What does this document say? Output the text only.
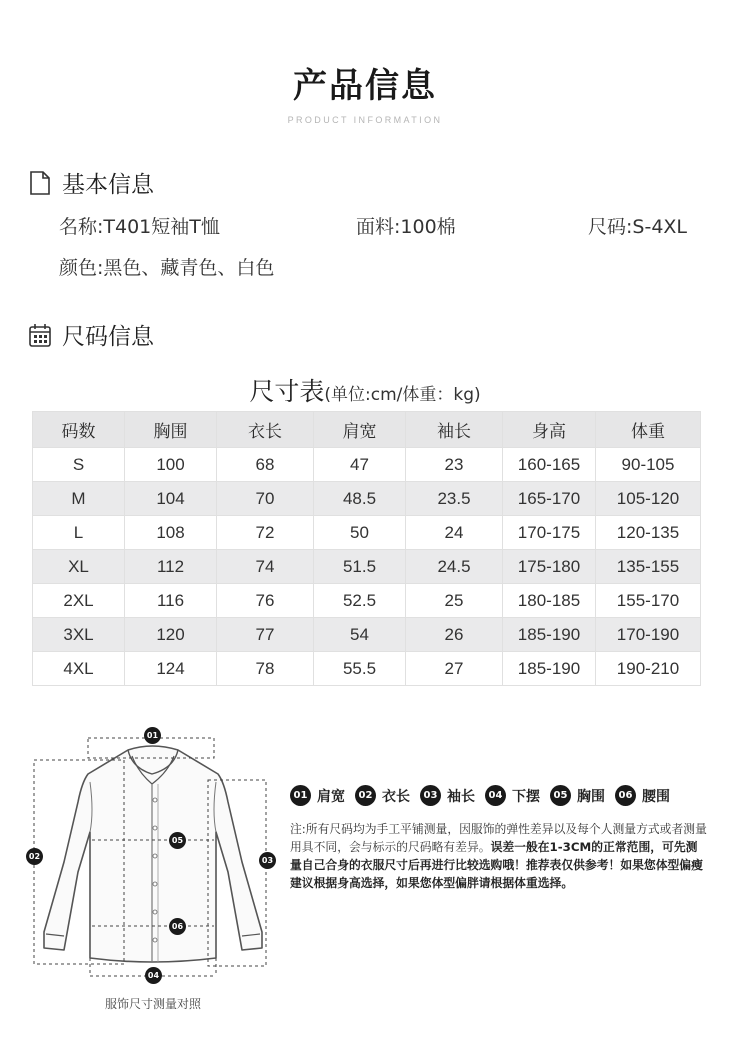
产品信息
PRODUCT INFORMATION
基本信息
名称:T401短袖T恤	面料:100棉	尺码:S-4XL
颜色:黑色、藏青色、白色
尺码信息
尺寸表(单位:cm/体重：kg)
码数	胸围	衣长	肩宽	袖长	身高	体重
S	100	68	47	23	160-165	90-105
M	104	70	48.5	23.5	165-170	105-120
L	108	72	50	24	170-175	120-135
XL	112	74	51.5	24.5	175-180	135-155
2XL	116	76	52.5	25	180-185	155-170
3XL	120	77	54	26	185-190	170-190
4XL	124	78	55.5	27	185-190	190-210
01
02	03
04
05
06
服饰尺寸测量对照
01 肩宽	02 衣长	03 袖长	04 下摆	05 胸围	06 腰围
注:所有尺码均为手工平铺测量，因服饰的弹性差异以及每个人测量方式或者测量用具不同，会与标示的尺码略有差异。误差一般在1-3CM的正常范围，可先测量自己合身的衣服尺寸后再进行比较选购哦！推荐表仅供参考！如果您体型偏瘦建议根据身高选择，如果您体型偏胖请根据体重选择。
